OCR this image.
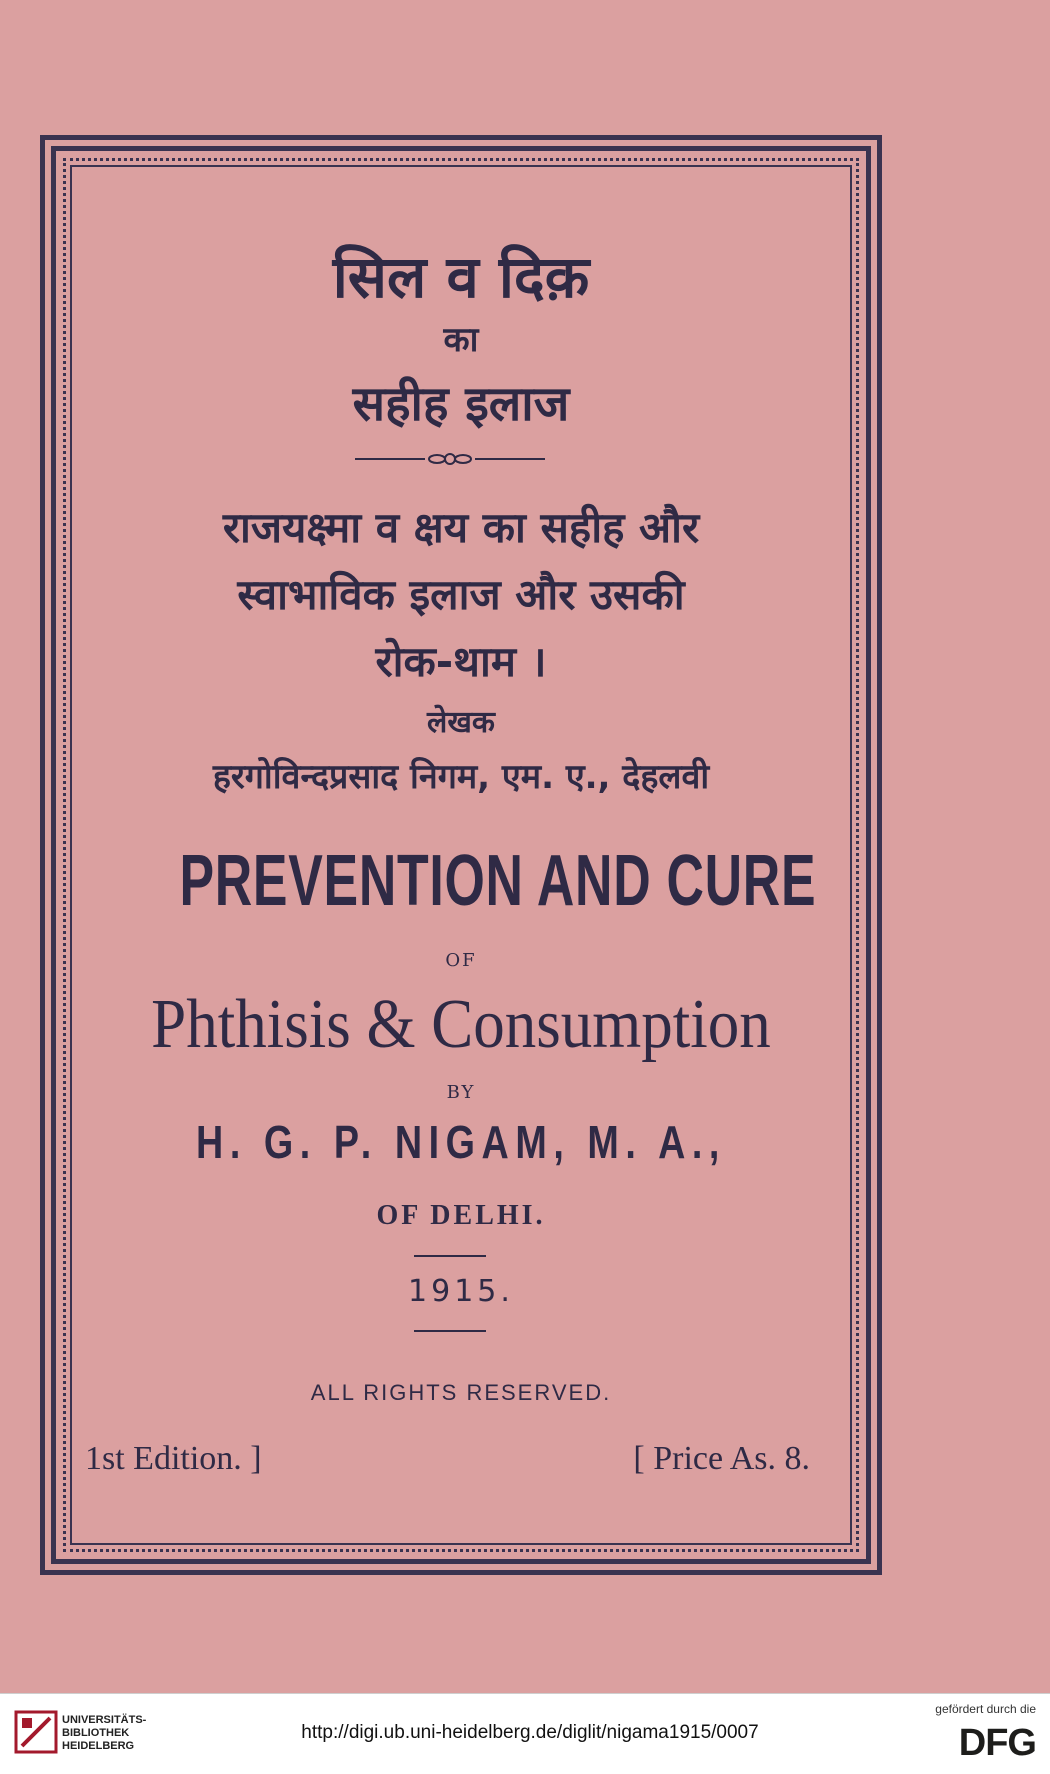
सिल व दिक़
का
सहीह इलाज
राजयक्ष्मा व क्षय का सहीह और
स्वाभाविक इलाज और उसकी
रोक-थाम ।
लेखक
हरगोविन्दप्रसाद निगम, एम. ए., देहलवी
PREVENTION AND CURE
OF
Phthisis & Consumption
BY
H. G. P. NIGAM, M. A.,
OF DELHI.
1915.
ALL RIGHTS RESERVED.
1st Edition. ]	[ Price As. 8.
UNIVERSITÄTS-
BIBLIOTHEK
HEIDELBERG
http://digi.ub.uni-heidelberg.de/diglit/nigama1915/0007
gefördert durch die
DFG
